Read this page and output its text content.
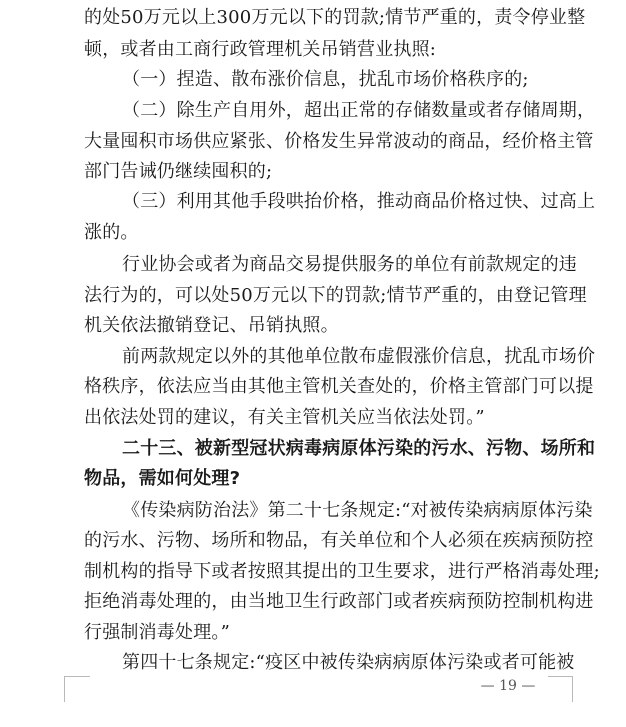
的处50万元以上300万元以下的罚款;情节严重的，责令停业整
顿，或者由工商行政管理机关吊销营业执照:
（一）捏造、散布涨价信息，扰乱市场价格秩序的;
（二）除生产自用外，超出正常的存储数量或者存储周期，
大量囤积市场供应紧张、价格发生异常波动的商品，经价格主管
部门告诫仍继续囤积的;
（三）利用其他手段哄抬价格，推动商品价格过快、过高上
涨的。
行业协会或者为商品交易提供服务的单位有前款规定的违
法行为的，可以处50万元以下的罚款;情节严重的，由登记管理
机关依法撤销登记、吊销执照。
前两款规定以外的其他单位散布虚假涨价信息，扰乱市场价
格秩序，依法应当由其他主管机关查处的，价格主管部门可以提
出依法处罚的建议，有关主管机关应当依法处罚。”
二十三、被新型冠状病毒病原体污染的污水、污物、场所和
物品，需如何处理?
《传染病防治法》第二十七条规定:“对被传染病病原体污染
的污水、污物、场所和物品，有关单位和个人必须在疾病预防控
制机构的指导下或者按照其提出的卫生要求，进行严格消毒处理;
拒绝消毒处理的，由当地卫生行政部门或者疾病预防控制机构进
行强制消毒处理。”
第四十七条规定:“疫区中被传染病病原体污染或者可能被
— 19 —
